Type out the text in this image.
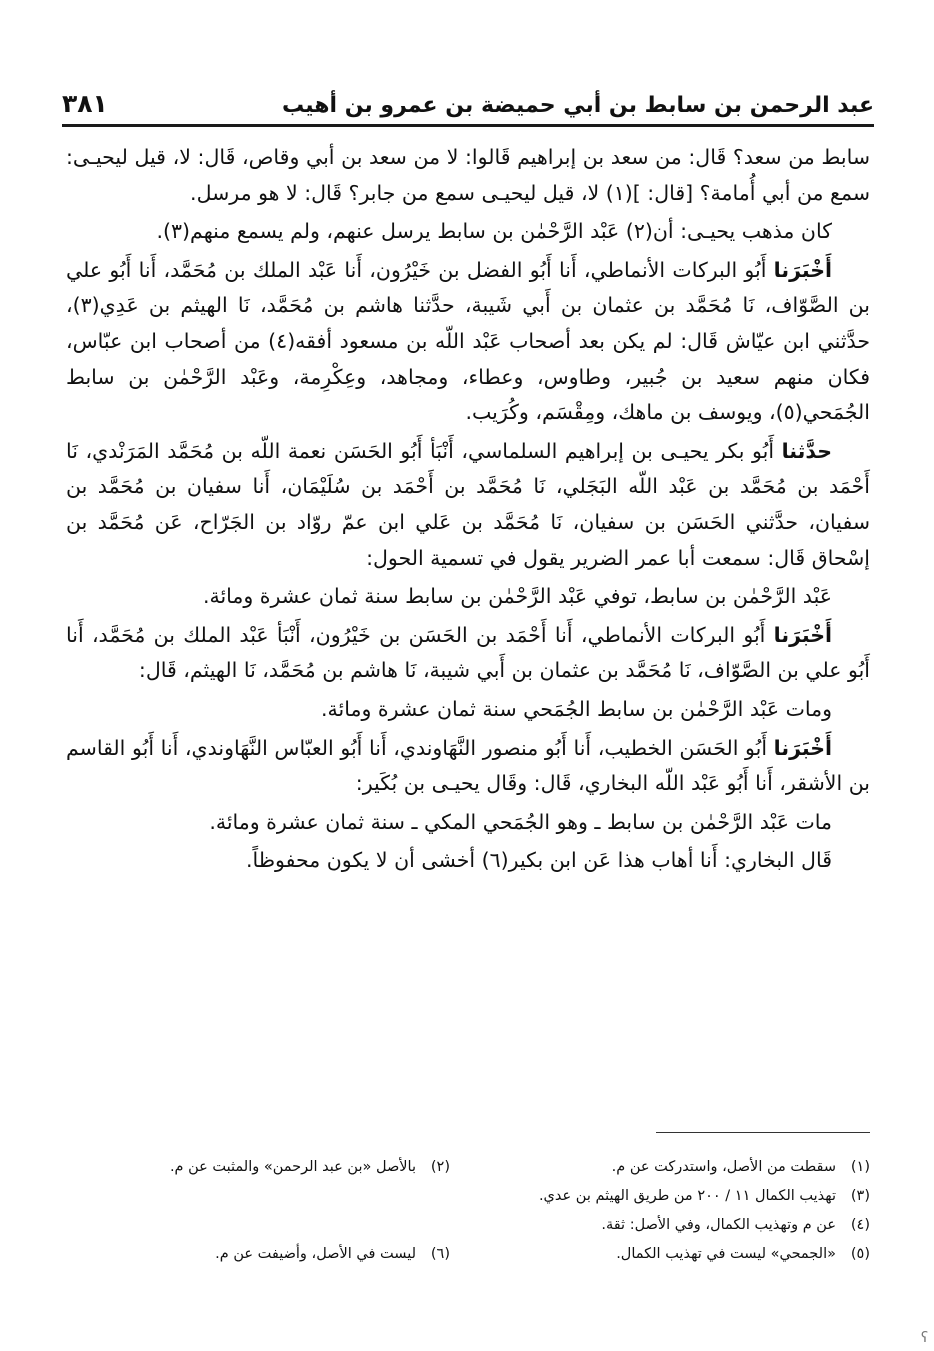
٣٨١	عبد الرحمن بن سابط بن أبي حميضة بن عمرو بن أهيب

سابط من سعد؟ قَال: من سعد بن إبراهيم قَالوا: لا من سعد بن أبي وقاص، قَال: لا، قيل ليحيـى: سمع من أبي أُمامة؟ [قال: ](١) لا، قيل ليحيـى سمع من جابر؟ قَال: لا هو مرسل.

كان مذهب يحيـى: أن(٢) عَبْد الرَّحْمٰن بن سابط يرسل عنهم، ولم يسمع منهم(٣).

أَخْبَرَنا أَبُو البركات الأنماطي، أَنا أَبُو الفضل بن خَيْرُون، أَنا عَبْد الملك بن مُحَمَّد، أَنا أَبُو علي بن الصَّوّاف، نَا مُحَمَّد بن عثمان بن أَبي شَيبة، حدَّثنا هاشم بن مُحَمَّد، نَا الهيثم بن عَدِي(٣)، حدَّثني ابن عيّاش قَال: لم يكن بعد أصحاب عَبْد اللّه بن مسعود أفقه(٤) من أصحاب ابن عبّاس، فكان منهم سعيد بن جُبير، وطاوس، وعطاء، ومجاهد، وعِكْرِمة، وعَبْد الرَّحْمٰن بن سابط الجُمَحي(٥)، ويوسف بن ماهك، ومِقْسَم، وكُرَيب.

حدَّثنا أَبُو بكر يحيـى بن إبراهيم السلماسي، أَنْبَأ أَبُو الحَسَن نعمة اللّه بن مُحَمَّد المَرَنْدي، نَا أَحْمَد بن مُحَمَّد بن عَبْد اللّه البَجَلي، نَا مُحَمَّد بن أَحْمَد بن سُلَيْمَان، أَنا سفيان بن مُحَمَّد بن سفيان، حدَّثني الحَسَن بن سفيان، نَا مُحَمَّد بن عَلي ابن عمّ روّاد بن الجَرّاح، عَن مُحَمَّد بن إسْحاق قَال: سمعت أبا عمر الضرير يقول في تسمية الحول:

عَبْد الرَّحْمٰن بن سابط، توفي عَبْد الرَّحْمٰن بن سابط سنة ثمان عشرة ومائة.

أَخْبَرَنا أَبُو البركات الأنماطي، أَنا أَحْمَد بن الحَسَن بن خَيْرُون، أَنْبَأ عَبْد الملك بن مُحَمَّد، أَنا أَبُو علي بن الصَّوّاف، نَا مُحَمَّد بن عثمان بن أَبي شيبة، نَا هاشم بن مُحَمَّد، نَا الهيثم، قَال:

ومات عَبْد الرَّحْمٰن بن سابط الجُمَحي سنة ثمان عشرة ومائة.

أَخْبَرَنا أَبُو الحَسَن الخطيب، أَنا أَبُو منصور النَّهَاوندي، أَنا أَبُو العبّاس النَّهَاوندي، أَنا أَبُو القاسم بن الأشقر، أَنا أَبُو عَبْد اللّه البخاري، قَال: وقَال يحيـى بن بُكَير:

مات عَبْد الرَّحْمٰن بن سابط ـ وهو الجُمَحي المكي ـ سنة ثمان عشرة ومائة.

قَال البخاري: أَنا أهاب هذا عَن ابن بكير(٦) أخشى أن لا يكون محفوظاً.

(١)
سقطت من الأصل، واستدركت عن م.
(٢)
بالأصل «بن عبد الرحمن» والمثبت عن م.
(٣)
تهذيب الكمال ١١ / ٢٠٠ من طريق الهيثم بن عدي.
(٤)
عن م وتهذيب الكمال، وفي الأصل: ثقة.
(٥)
«الجمحي» ليست في تهذيب الكمال.
(٦)
ليست في الأصل، وأضيفت عن م.
ʕ
